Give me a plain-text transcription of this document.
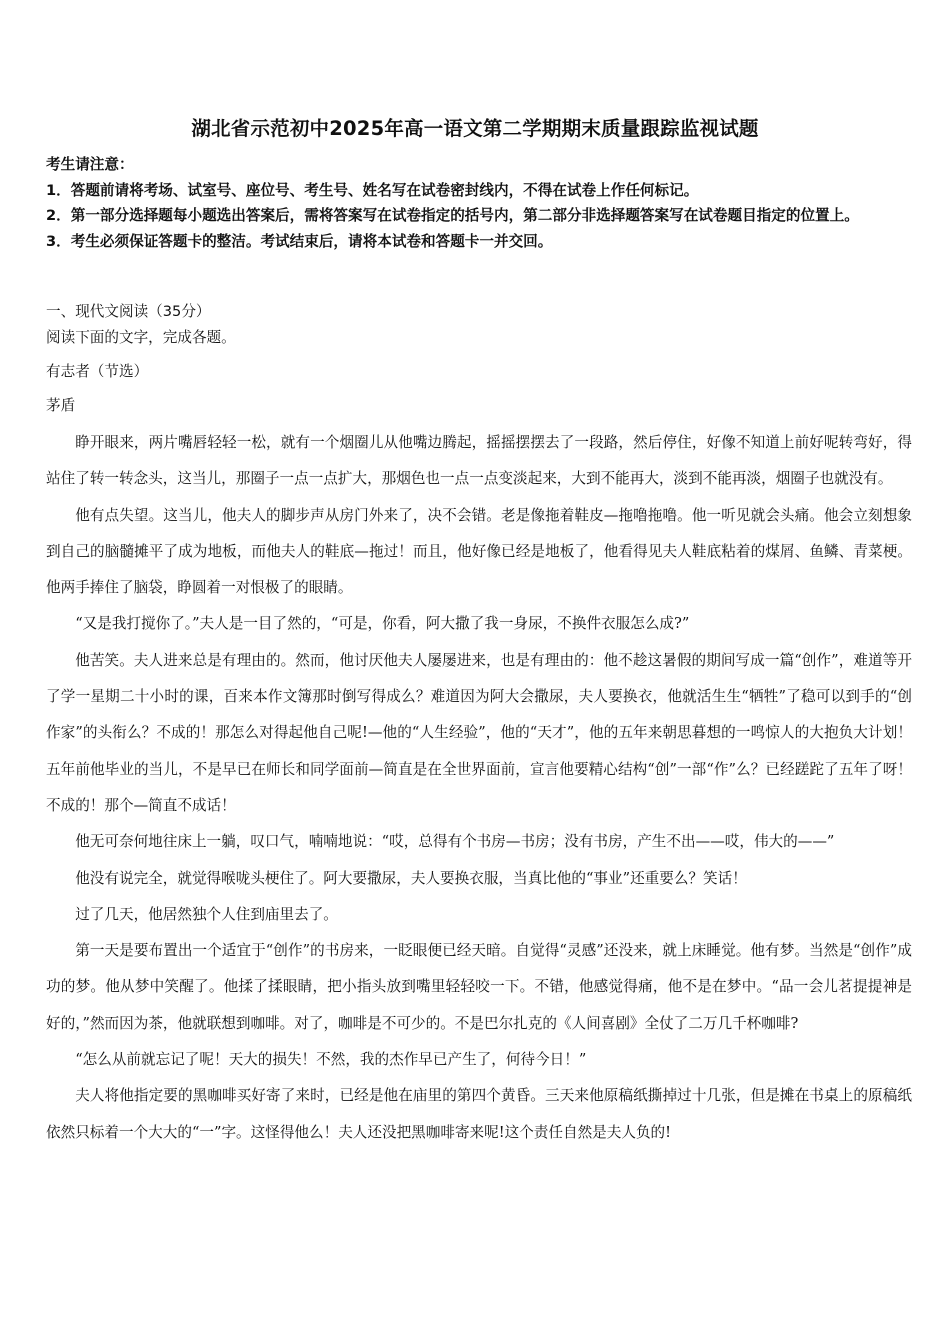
湖北省示范初中2025年高一语文第二学期期末质量跟踪监视试题
考生请注意：
1．答题前请将考场、试室号、座位号、考生号、姓名写在试卷密封线内，不得在试卷上作任何标记。
2．第一部分选择题每小题选出答案后，需将答案写在试卷指定的括号内，第二部分非选择题答案写在试卷题目指定的位置上。
3．考生必须保证答题卡的整洁。考试结束后，请将本试卷和答题卡一并交回。
一、现代文阅读（35分）
阅读下面的文字，完成各题。
有志者（节选）
茅盾

睁开眼来，两片嘴唇轻轻一松，就有一个烟圈儿从他嘴边腾起，摇摇摆摆去了一段路，然后停住，好像不知道上前好呢转弯好，得站住了转一转念头，这当儿，那圈子一点一点扩大，那烟色也一点一点变淡起来，大到不能再大，淡到不能再淡，烟圈子也就没有。

他有点失望。这当儿，他夫人的脚步声从房门外来了，决不会错。老是像拖着鞋皮—拖噜拖噜。他一听见就会头痛。他会立刻想象到自己的脑髓摊平了成为地板，而他夫人的鞋底—拖过！而且，他好像已经是地板了，他看得见夫人鞋底粘着的煤屑、鱼鳞、青菜梗。他两手捧住了脑袋，睁圆着一对恨极了的眼睛。

“又是我打搅你了。”夫人是一目了然的，“可是，你看，阿大撒了我一身尿，不换件衣服怎么成?”

他苦笑。夫人进来总是有理由的。然而，他讨厌他夫人屡屡进来，也是有理由的：他不趁这暑假的期间写成一篇“创作”，难道等开了学一星期二十小时的课，百来本作文簿那时倒写得成么？难道因为阿大会撒尿，夫人要换衣，他就活生生“牺牲”了稳可以到手的“创作家”的头衔么？不成的！那怎么对得起他自己呢!—他的“人生经验”，他的“天才”，他的五年来朝思暮想的一鸣惊人的大抱负大计划！五年前他毕业的当儿，不是早已在师长和同学面前—简直是在全世界面前，宣言他要精心结构“创”一部“作”么？已经蹉跎了五年了呀！不成的！那个—简直不成话！

他无可奈何地往床上一躺，叹口气，喃喃地说：“哎，总得有个书房—书房；没有书房，产生不出——哎，伟大的——”

他没有说完全，就觉得喉咙头梗住了。阿大要撒尿，夫人要换衣服，当真比他的“事业”还重要么？笑话！

过了几天，他居然独个人住到庙里去了。

第一天是要布置出一个适宜于“创作”的书房来，一眨眼便已经天暗。自觉得“灵感”还没来，就上床睡觉。他有梦。当然是“创作”成功的梦。他从梦中笑醒了。他揉了揉眼睛，把小指头放到嘴里轻轻咬一下。不错，他感觉得痛，他不是在梦中。“品一会儿茗提提神是好的，”然而因为茶，他就联想到咖啡。对了，咖啡是不可少的。不是巴尔扎克的《人间喜剧》全仗了二万几千杯咖啡?

“怎么从前就忘记了呢！天大的损失！不然，我的杰作早已产生了，何待今日！”

夫人将他指定要的黑咖啡买好寄了来时，已经是他在庙里的第四个黄昏。三天来他原稿纸撕掉过十几张，但是摊在书桌上的原稿纸依然只标着一个大大的“一”字。这怪得他么！夫人还没把黑咖啡寄来呢!这个责任自然是夫人负的!
